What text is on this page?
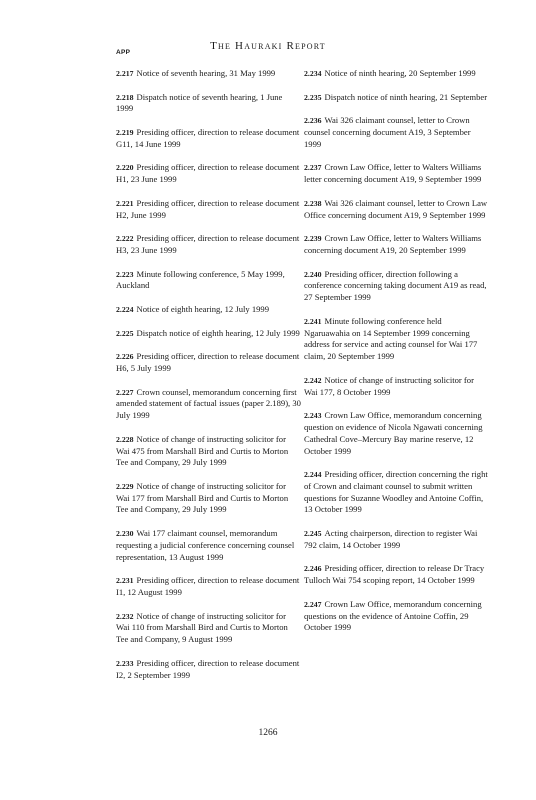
The Hauraki Report
APP

2.217 Notice of seventh hearing, 31 May 1999

2.218 Dispatch notice of seventh hearing, 1 June 1999

2.219 Presiding officer, direction to release document G11, 14 June 1999

2.220 Presiding officer, direction to release document H1, 23 June 1999

2.221 Presiding officer, direction to release document H2, June 1999

2.222 Presiding officer, direction to release document H3, 23 June 1999

2.223 Minute following conference, 5 May 1999, Auckland

2.224 Notice of eighth hearing, 12 July 1999

2.225 Dispatch notice of eighth hearing, 12 July 1999

2.226 Presiding officer, direction to release document H6, 5 July 1999

2.227 Crown counsel, memorandum concerning first amended statement of factual issues (paper 2.189), 30 July 1999

2.228 Notice of change of instructing solicitor for Wai 475 from Marshall Bird and Curtis to Morton Tee and Company, 29 July 1999

2.229 Notice of change of instructing solicitor for Wai 177 from Marshall Bird and Curtis to Morton Tee and Company, 29 July 1999

2.230 Wai 177 claimant counsel, memorandum requesting a judicial conference concerning counsel representation, 13 August 1999

2.231 Presiding officer, direction to release document I1, 12 August 1999

2.232 Notice of change of instructing solicitor for Wai 110 from Marshall Bird and Curtis to Morton Tee and Company, 9 August 1999

2.233 Presiding officer, direction to release document I2, 2 September 1999

2.234 Notice of ninth hearing, 20 September 1999

2.235 Dispatch notice of ninth hearing, 21 September

2.236 Wai 326 claimant counsel, letter to Crown counsel concerning document A19, 3 September 1999

2.237 Crown Law Office, letter to Walters Williams letter concerning document A19, 9 September 1999

2.238 Wai 326 claimant counsel, letter to Crown Law Office concerning document A19, 9 September 1999

2.239 Crown Law Office, letter to Walters Williams concerning document A19, 20 September 1999

2.240 Presiding officer, direction following a conference concerning taking document A19 as read, 27 September 1999

2.241 Minute following conference held Ngaruawahia on 14 September 1999 concerning address for service and acting counsel for Wai 177 claim, 20 September 1999

2.242 Notice of change of instructing solicitor for Wai 177, 8 October 1999

2.243 Crown Law Office, memorandum concerning question on evidence of Nicola Ngawati concerning Cathedral Cove–Mercury Bay marine reserve, 12 October 1999

2.244 Presiding officer, direction concerning the right of Crown and claimant counsel to submit written questions for Suzanne Woodley and Antoine Coffin, 13 October 1999

2.245 Acting chairperson, direction to register Wai 792 claim, 14 October 1999

2.246 Presiding officer, direction to release Dr Tracy Tulloch Wai 754 scoping report, 14 October 1999

2.247 Crown Law Office, memorandum concerning questions on the evidence of Antoine Coffin, 29 October 1999

1266
